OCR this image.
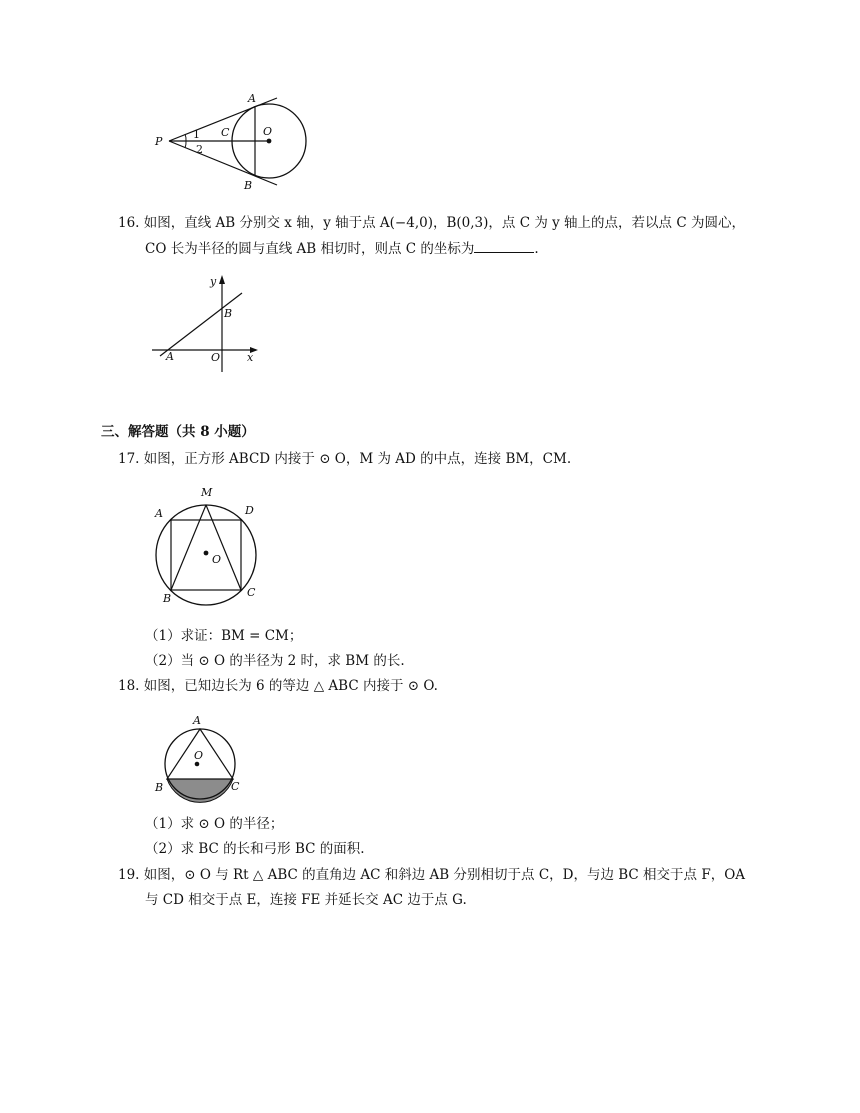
A
B
C	O
P
1
2
16. 如图，直线 AB 分别交 x 轴，y 轴于点 A(−4,0)，B(0,3)，点 C 为 y 轴上的点，若以点 C 为圆心，
CO 长为半径的圆与直线 AB 相切时，则点 C 的坐标为	.
y
x
A	O
B
三、解答题（共 8 小题）
17. 如图，正方形 ABCD 内接于 ⊙ O，M 为 AD 的中点，连接 BM，CM.
M
A	D
O
B	C
（1）求证：BM = CM；
（2）当 ⊙ O 的半径为 2 时，求 BM 的长.
18. 如图，已知边长为 6 的等边 △ ABC 内接于 ⊙ O.
A
O
B	C
（1）求 ⊙ O 的半径；
（2）求 BC 的长和弓形 BC 的面积.
19. 如图，⊙ O 与 Rt △ ABC 的直角边 AC 和斜边 AB 分别相切于点 C，D，与边 BC 相交于点 F，OA
与 CD 相交于点 E，连接 FE 并延长交 AC 边于点 G.
